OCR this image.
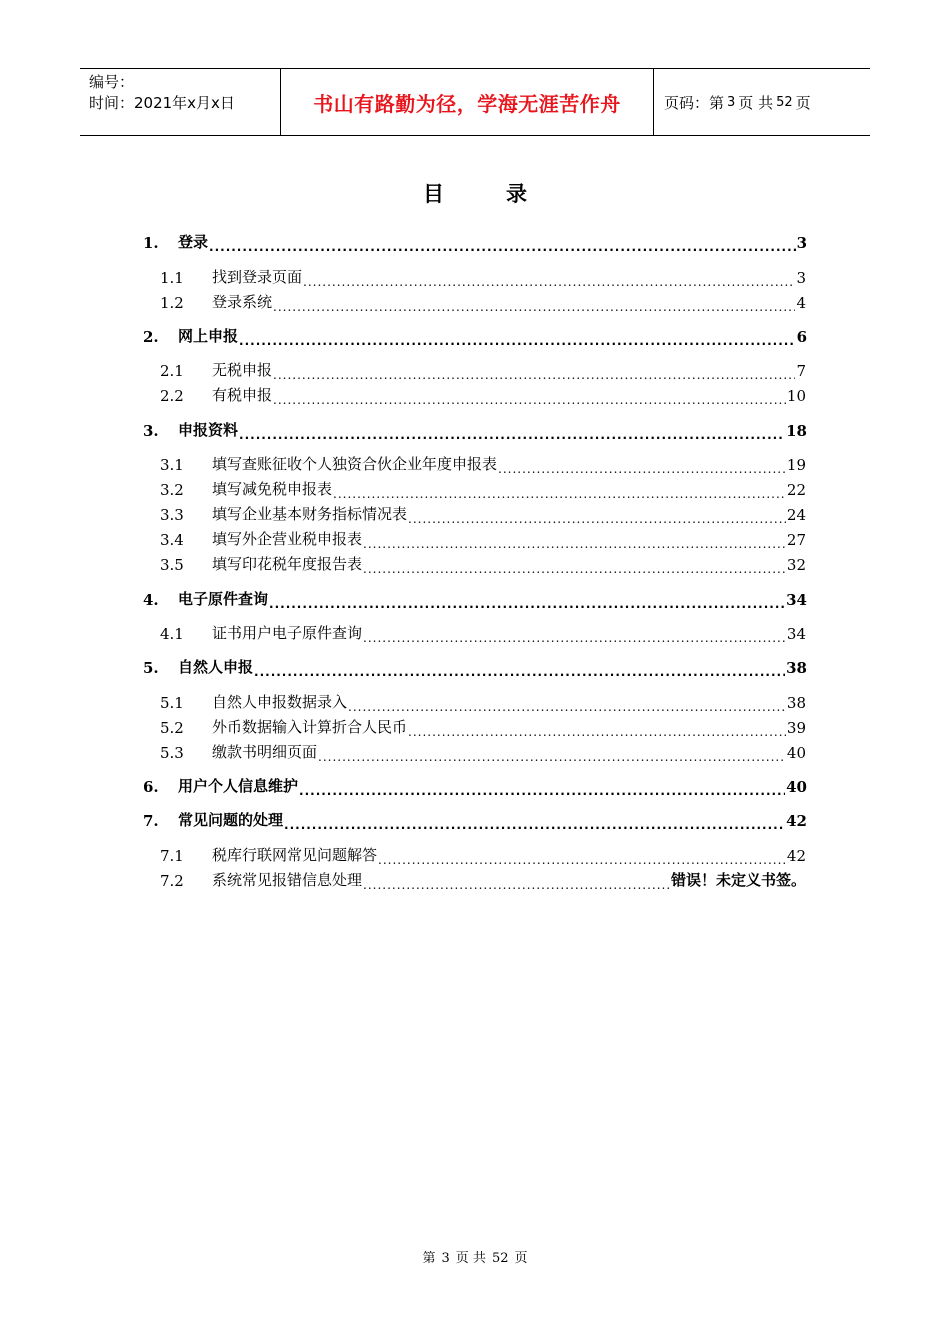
编号：
时间：2021年x月x日	书山有路勤为径，学海无涯苦作舟	页码：第 3 页 共 52 页
目	录
1.	登录 .....	3
1.1	找到登录页面 .....	3
1.2	登录系统 .....	4
2.	网上申报 .....	6
2.1	无税申报 .....	7
2.2	有税申报 .....	10
3.	申报资料 .....	18
3.1	填写查账征收个人独资合伙企业年度申报表 .....	19
3.2	填写减免税申报表 .....	22
3.3	填写企业基本财务指标情况表 .....	24
3.4	填写外企营业税申报表 .....	27
3.5	填写印花税年度报告表 .....	32
4.	电子原件查询 .....	34
4.1	证书用户电子原件查询 .....	34
5.	自然人申报 .....	38
5.1	自然人申报数据录入 .....	38
5.2	外币数据输入计算折合人民币 .....	39
5.3	缴款书明细页面 .....	40
6.	用户个人信息维护 .....	40
7.	常见问题的处理 .....	42
7.1	税库行联网常见问题解答 .....	42
7.2	系统常见报错信息处理 .....	错误！未定义书签。
第 3 页 共 52 页
